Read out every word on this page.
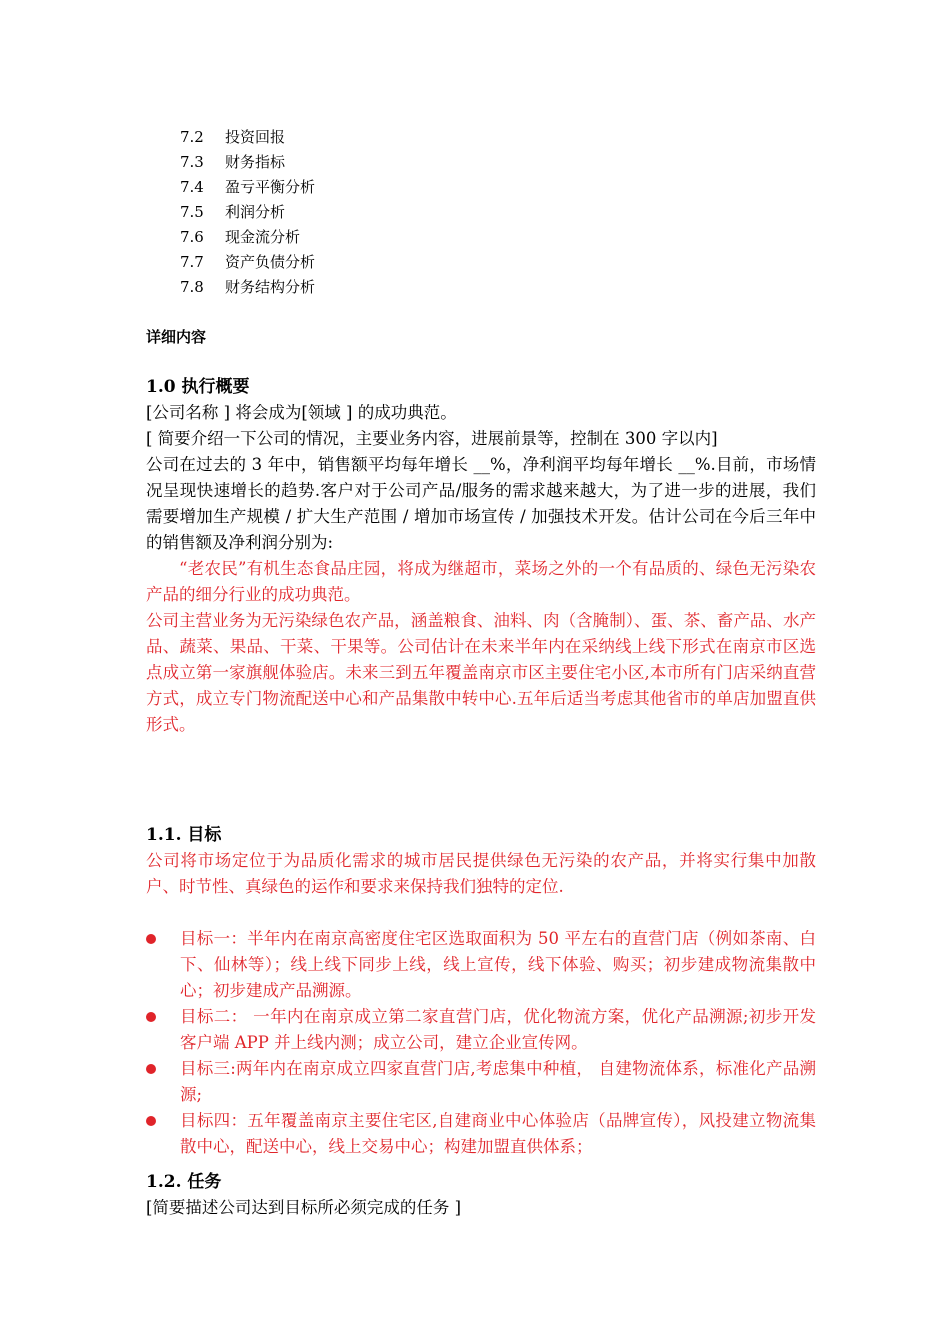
7.2 投资回报
7.3 财务指标
7.4 盈亏平衡分析
7.5 利润分析
7.6 现金流分析
7.7 资产负债分析
7.8 财务结构分析
详细内容
1.0 执行概要
[公司名称 ] 将会成为[领域 ] 的成功典范。
[ 简要介绍一下公司的情况，主要业务内容，进展前景等，控制在 300 字以内]
公司在过去的 3 年中，销售额平均每年增长 __%，净利润平均每年增长 __%.目前，市场情况呈现快速增长的趋势.客户对于公司产品/服务的需求越来越大，为了进一步的进展，我们需要增加生产规模 / 扩大生产范围 / 增加市场宣传 / 加强技术开发。估计公司在今后三年中的销售额及净利润分别为:
“老农民”有机生态食品庄园，将成为继超市，菜场之外的一个有品质的、绿色无污染农产品的细分行业的成功典范。
公司主营业务为无污染绿色农产品，涵盖粮食、油料、肉（含腌制）、蛋、茶、畜产品、水产品、蔬菜、果品、干菜、干果等。公司估计在未来半年内在采纳线上线下形式在南京市区选点成立第一家旗舰体验店。未来三到五年覆盖南京市区主要住宅小区,本市所有门店采纳直营方式，成立专门物流配送中心和产品集散中转中心.五年后适当考虑其他省市的单店加盟直供形式。
1.1. 目标
公司将市场定位于为品质化需求的城市居民提供绿色无污染的农产品，并将实行集中加散户、时节性、真绿色的运作和要求来保持我们独特的定位.
目标一：半年内在南京高密度住宅区选取面积为 50 平左右的直营门店（例如茶南、白下、仙林等）；线上线下同步上线，线上宣传，线下体验、购买；初步建成物流集散中心；初步建成产品溯源。
目标二： 一年内在南京成立第二家直营门店，优化物流方案，优化产品溯源;初步开发客户端 APP 并上线内测；成立公司，建立企业宣传网。
目标三:两年内在南京成立四家直营门店,考虑集中种植， 自建物流体系，标准化产品溯源;
目标四：五年覆盖南京主要住宅区,自建商业中心体验店（品牌宣传），风投建立物流集散中心，配送中心，线上交易中心；构建加盟直供体系；
1.2. 任务
[简要描述公司达到目标所必须完成的任务 ]
